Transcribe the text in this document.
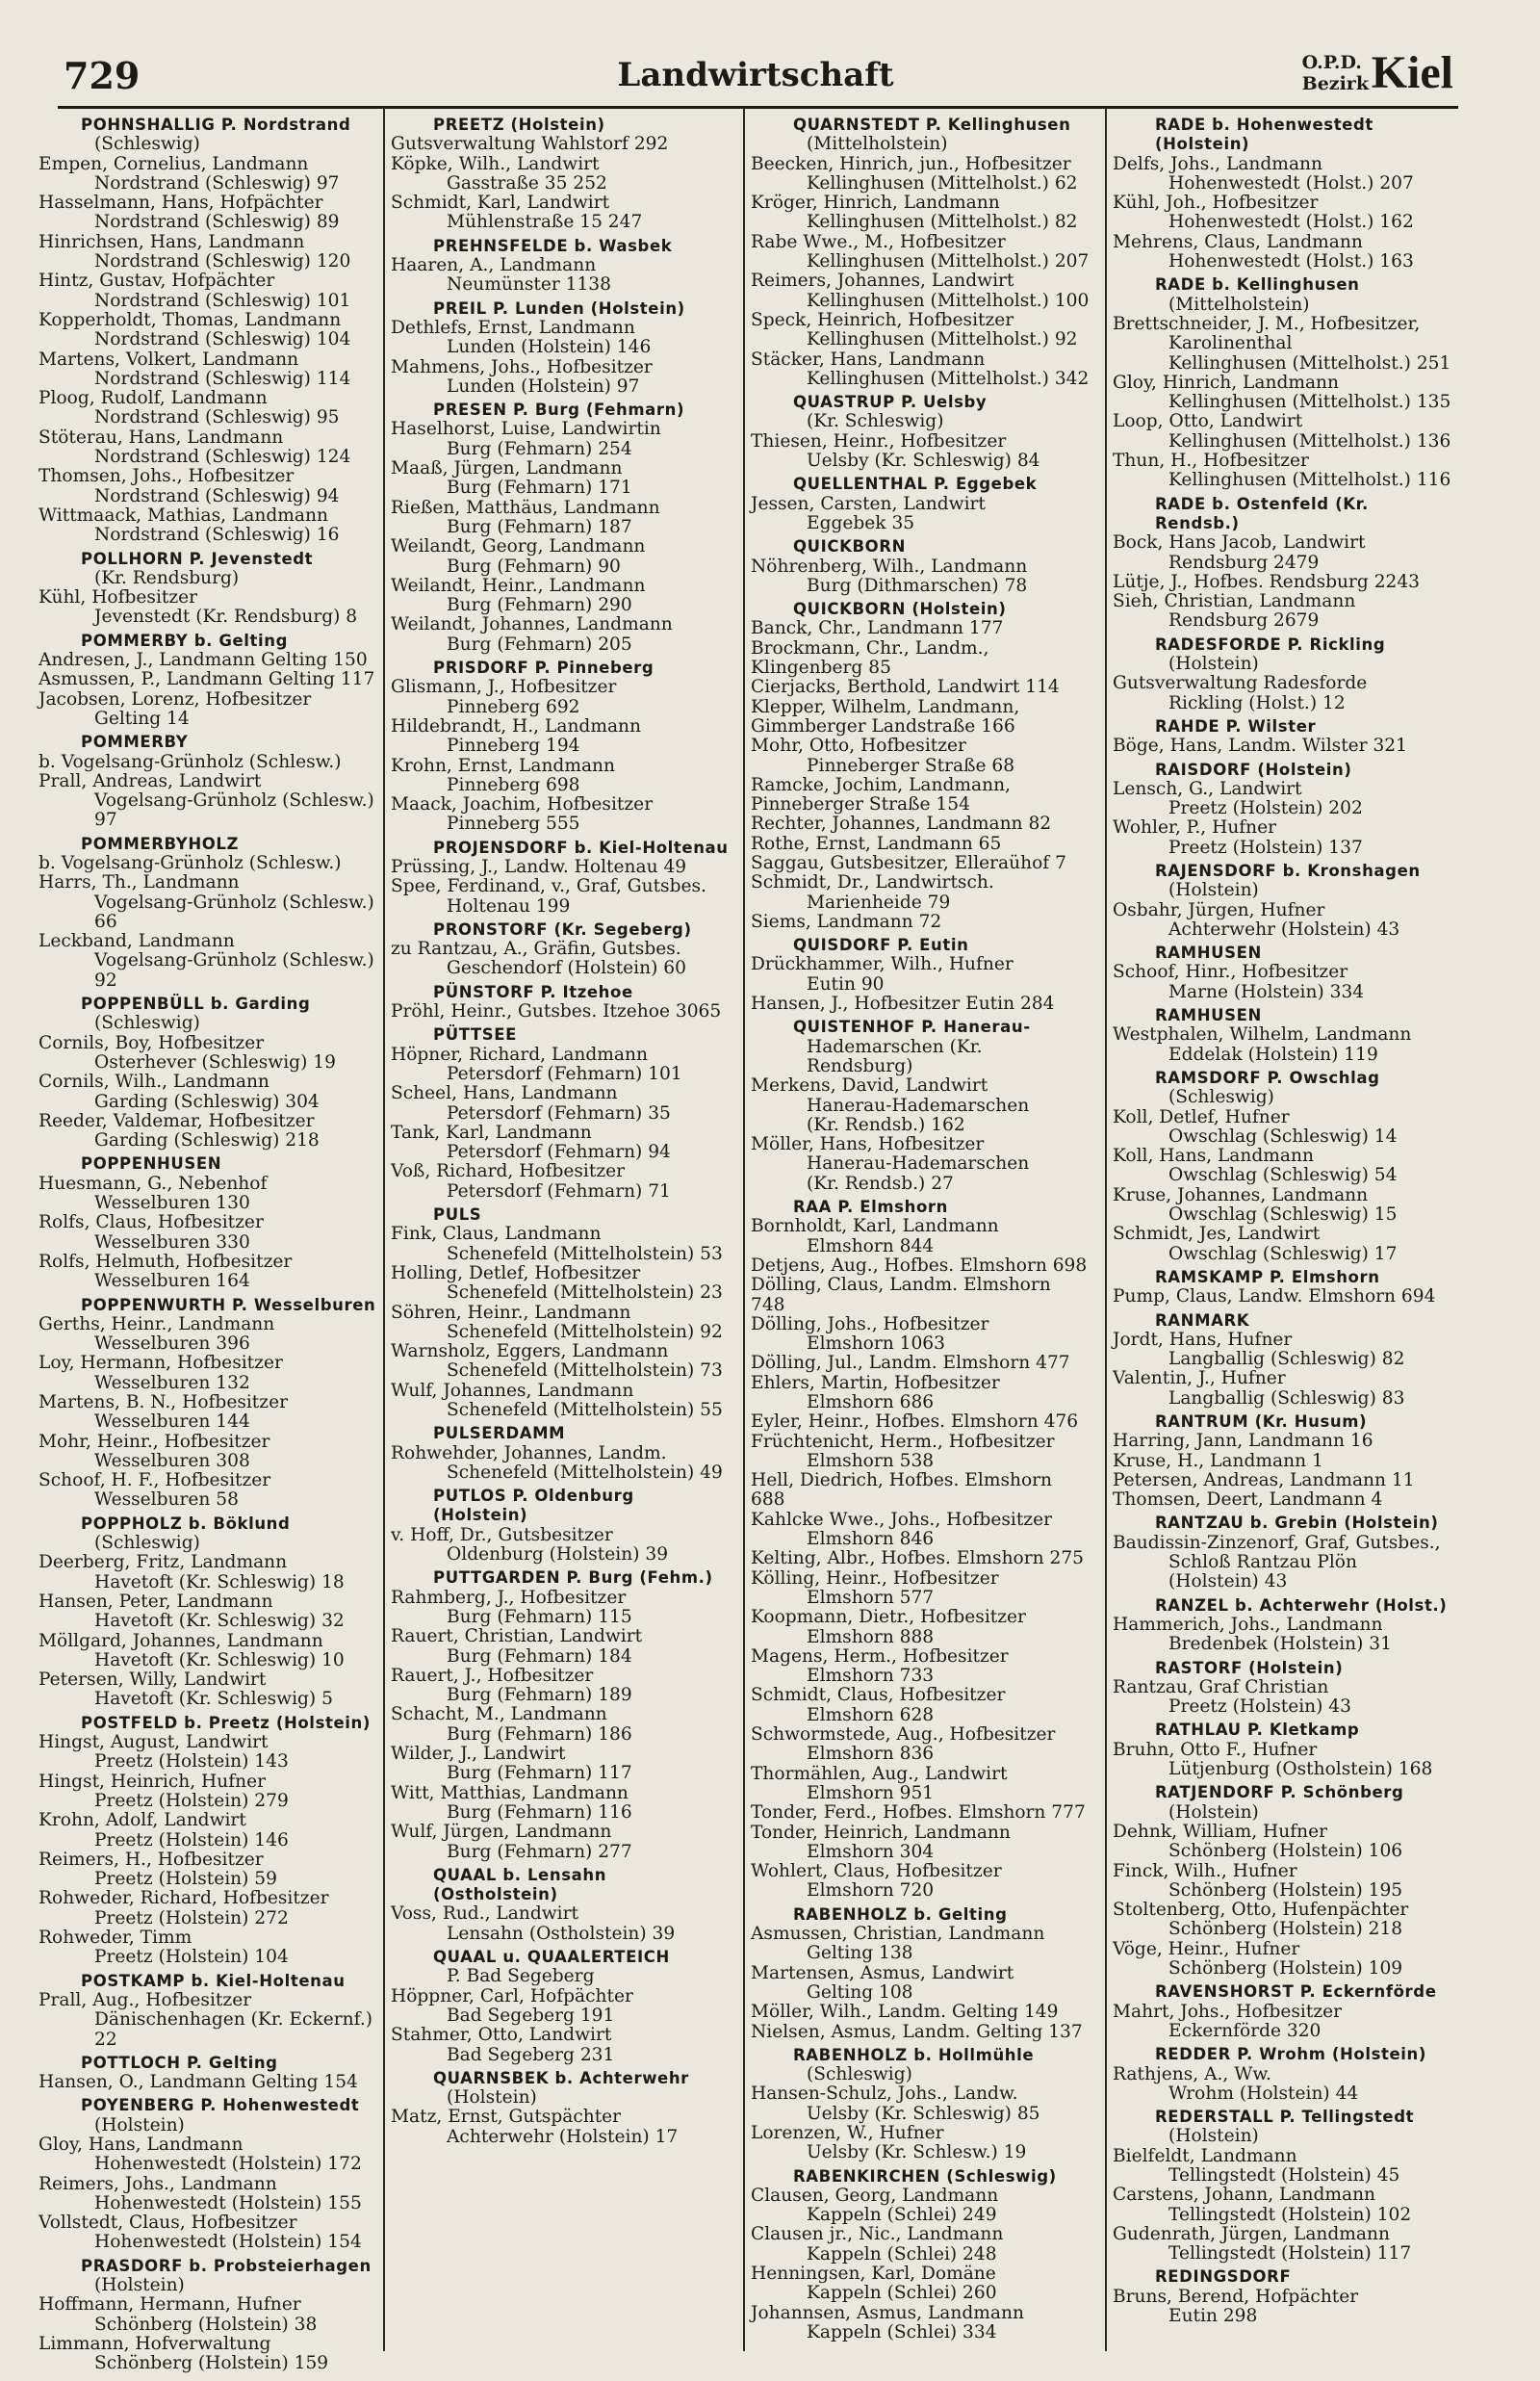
729	Landwirtschaft	O.P.D.
Bezirk Kiel
POHNSHALLIG P. Nordstrand
(Schleswig)
Empen, Cornelius, Landmann
Nordstrand (Schleswig) 97
Hasselmann, Hans, Hofpächter
Nordstrand (Schleswig) 89
Hinrichsen, Hans, Landmann
Nordstrand (Schleswig) 120
Hintz, Gustav, Hofpächter
Nordstrand (Schleswig) 101
Kopperholdt, Thomas, Landmann
Nordstrand (Schleswig) 104
Martens, Volkert, Landmann
Nordstrand (Schleswig) 114
Ploog, Rudolf, Landmann
Nordstrand (Schleswig) 95
Stöterau, Hans, Landmann
Nordstrand (Schleswig) 124
Thomsen, Johs., Hofbesitzer
Nordstrand (Schleswig) 94
Wittmaack, Mathias, Landmann
Nordstrand (Schleswig) 16
POLLHORN P. Jevenstedt
(Kr. Rendsburg)
Kühl, Hofbesitzer
Jevenstedt (Kr. Rendsburg) 8
POMMERBY b. Gelting
Andresen, J., Landmann Gelting 150
Asmussen, P., Landmann Gelting 117
Jacobsen, Lorenz, Hofbesitzer
Gelting 14
POMMERBY
b. Vogelsang-Grünholz (Schlesw.)
Prall, Andreas, Landwirt
Vogelsang-Grünholz (Schlesw.) 97
POMMERBYHOLZ
b. Vogelsang-Grünholz (Schlesw.)
Harrs, Th., Landmann
Vogelsang-Grünholz (Schlesw.) 66
Leckband, Landmann
Vogelsang-Grünholz (Schlesw.) 92
POPPENBÜLL b. Garding
(Schleswig)
Cornils, Boy, Hofbesitzer
Osterhever (Schleswig) 19
Cornils, Wilh., Landmann
Garding (Schleswig) 304
Reeder, Valdemar, Hofbesitzer
Garding (Schleswig) 218
POPPENHUSEN
Huesmann, G., Nebenhof
Wesselburen 130
Rolfs, Claus, Hofbesitzer
Wesselburen 330
Rolfs, Helmuth, Hofbesitzer
Wesselburen 164
POPPENWURTH P. Wesselburen
Gerths, Heinr., Landmann
Wesselburen 396
Loy, Hermann, Hofbesitzer
Wesselburen 132
Martens, B. N., Hofbesitzer
Wesselburen 144
Mohr, Heinr., Hofbesitzer
Wesselburen 308
Schoof, H. F., Hofbesitzer
Wesselburen 58
POPPHOLZ b. Böklund
(Schleswig)
Deerberg, Fritz, Landmann
Havetoft (Kr. Schleswig) 18
Hansen, Peter, Landmann
Havetoft (Kr. Schleswig) 32
Möllgard, Johannes, Landmann
Havetoft (Kr. Schleswig) 10
Petersen, Willy, Landwirt
Havetoft (Kr. Schleswig) 5
POSTFELD b. Preetz (Holstein)
Hingst, August, Landwirt
Preetz (Holstein) 143
Hingst, Heinrich, Hufner
Preetz (Holstein) 279
Krohn, Adolf, Landwirt
Preetz (Holstein) 146
Reimers, H., Hofbesitzer
Preetz (Holstein) 59
Rohweder, Richard, Hofbesitzer
Preetz (Holstein) 272
Rohweder, Timm
Preetz (Holstein) 104
POSTKAMP b. Kiel-Holtenau
Prall, Aug., Hofbesitzer
Dänischenhagen (Kr. Eckernf.) 22
POTTLOCH P. Gelting
Hansen, O., Landmann Gelting 154
POYENBERG P. Hohenwestedt
(Holstein)
Gloy, Hans, Landmann
Hohenwestedt (Holstein) 172
Reimers, Johs., Landmann
Hohenwestedt (Holstein) 155
Vollstedt, Claus, Hofbesitzer
Hohenwestedt (Holstein) 154
PRASDORF b. Probsteierhagen
(Holstein)
Hoffmann, Hermann, Hufner
Schönberg (Holstein) 38
Limmann, Hofverwaltung
Schönberg (Holstein) 159
PREETZ (Holstein)
Gutsverwaltung Wahlstorf 292
Köpke, Wilh., Landwirt
Gasstraße 35 252
Schmidt, Karl, Landwirt
Mühlenstraße 15 247
PREHNSFELDE b. Wasbek
Haaren, A., Landmann
Neumünster 1138
PREIL P. Lunden (Holstein)
Dethlefs, Ernst, Landmann
Lunden (Holstein) 146
Mahmens, Johs., Hofbesitzer
Lunden (Holstein) 97
PRESEN P. Burg (Fehmarn)
Haselhorst, Luise, Landwirtin
Burg (Fehmarn) 254
Maaß, Jürgen, Landmann
Burg (Fehmarn) 171
Rießen, Matthäus, Landmann
Burg (Fehmarn) 187
Weilandt, Georg, Landmann
Burg (Fehmarn) 90
Weilandt, Heinr., Landmann
Burg (Fehmarn) 290
Weilandt, Johannes, Landmann
Burg (Fehmarn) 205
PRISDORF P. Pinneberg
Glismann, J., Hofbesitzer
Pinneberg 692
Hildebrandt, H., Landmann
Pinneberg 194
Krohn, Ernst, Landmann
Pinneberg 698
Maack, Joachim, Hofbesitzer
Pinneberg 555
PROJENSDORF b. Kiel-Holtenau
Prüssing, J., Landw. Holtenau 49
Spee, Ferdinand, v., Graf, Gutsbes.
Holtenau 199
PRONSTORF (Kr. Segeberg)
zu Rantzau, A., Gräfin, Gutsbes.
Geschendorf (Holstein) 60
PÜNSTORF P. Itzehoe
Pröhl, Heinr., Gutsbes. Itzehoe 3065
PÜTTSEE
Höpner, Richard, Landmann
Petersdorf (Fehmarn) 101
Scheel, Hans, Landmann
Petersdorf (Fehmarn) 35
Tank, Karl, Landmann
Petersdorf (Fehmarn) 94
Voß, Richard, Hofbesitzer
Petersdorf (Fehmarn) 71
PULS
Fink, Claus, Landmann
Schenefeld (Mittelholstein) 53
Holling, Detlef, Hofbesitzer
Schenefeld (Mittelholstein) 23
Söhren, Heinr., Landmann
Schenefeld (Mittelholstein) 92
Warnsholz, Eggers, Landmann
Schenefeld (Mittelholstein) 73
Wulf, Johannes, Landmann
Schenefeld (Mittelholstein) 55
PULSERDAMM
Rohwehder, Johannes, Landm.
Schenefeld (Mittelholstein) 49
PUTLOS P. Oldenburg (Holstein)
v. Hoff, Dr., Gutsbesitzer
Oldenburg (Holstein) 39
PUTTGARDEN P. Burg (Fehm.)
Rahmberg, J., Hofbesitzer
Burg (Fehmarn) 115
Rauert, Christian, Landwirt
Burg (Fehmarn) 184
Rauert, J., Hofbesitzer
Burg (Fehmarn) 189
Schacht, M., Landmann
Burg (Fehmarn) 186
Wilder, J., Landwirt
Burg (Fehmarn) 117
Witt, Matthias, Landmann
Burg (Fehmarn) 116
Wulf, Jürgen, Landmann
Burg (Fehmarn) 277
QUAAL b. Lensahn (Ostholstein)
Voss, Rud., Landwirt
Lensahn (Ostholstein) 39
QUAAL u. QUAALERTEICH
P. Bad Segeberg
Höppner, Carl, Hofpächter
Bad Segeberg 191
Stahmer, Otto, Landwirt
Bad Segeberg 231
QUARNSBEK b. Achterwehr
(Holstein)
Matz, Ernst, Gutspächter
Achterwehr (Holstein) 17
QUARNSTEDT P. Kellinghusen
(Mittelholstein)
Beecken, Hinrich, jun., Hofbesitzer
Kellinghusen (Mittelholst.) 62
Kröger, Hinrich, Landmann
Kellinghusen (Mittelholst.) 82
Rabe Wwe., M., Hofbesitzer
Kellinghusen (Mittelholst.) 207
Reimers, Johannes, Landwirt
Kellinghusen (Mittelholst.) 100
Speck, Heinrich, Hofbesitzer
Kellinghusen (Mittelholst.) 92
Stäcker, Hans, Landmann
Kellinghusen (Mittelholst.) 342
QUASTRUP P. Uelsby
(Kr. Schleswig)
Thiesen, Heinr., Hofbesitzer
Uelsby (Kr. Schleswig) 84
QUELLENTHAL P. Eggebek
Jessen, Carsten, Landwirt
Eggebek 35
QUICKBORN
Nöhrenberg, Wilh., Landmann
Burg (Dithmarschen) 78
QUICKBORN (Holstein)
Banck, Chr., Landmann 177
Brockmann, Chr., Landm., Klingenberg 85
Cierjacks, Berthold, Landwirt 114
Klepper, Wilhelm, Landmann, Gimmberger Landstraße 166
Mohr, Otto, Hofbesitzer
Pinneberger Straße 68
Ramcke, Jochim, Landmann, Pinneberger Straße 154
Rechter, Johannes, Landmann 82
Rothe, Ernst, Landmann 65
Saggau, Gutsbesitzer, Elleraühof 7
Schmidt, Dr., Landwirtsch.
Marienheide 79
Siems, Landmann 72
QUISDORF P. Eutin
Drückhammer, Wilh., Hufner
Eutin 90
Hansen, J., Hofbesitzer Eutin 284
QUISTENHOF P. Hanerau-
Hademarschen (Kr. Rendsburg)
Merkens, David, Landwirt
Hanerau-Hademarschen
(Kr. Rendsb.) 162
Möller, Hans, Hofbesitzer
Hanerau-Hademarschen
(Kr. Rendsb.) 27
RAA P. Elmshorn
Bornholdt, Karl, Landmann
Elmshorn 844
Detjens, Aug., Hofbes. Elmshorn 698
Dölling, Claus, Landm. Elmshorn 748
Dölling, Johs., Hofbesitzer
Elmshorn 1063
Dölling, Jul., Landm. Elmshorn 477
Ehlers, Martin, Hofbesitzer
Elmshorn 686
Eyler, Heinr., Hofbes. Elmshorn 476
Früchtenicht, Herm., Hofbesitzer
Elmshorn 538
Hell, Diedrich, Hofbes. Elmshorn 688
Kahlcke Wwe., Johs., Hofbesitzer
Elmshorn 846
Kelting, Albr., Hofbes. Elmshorn 275
Kölling, Heinr., Hofbesitzer
Elmshorn 577
Koopmann, Dietr., Hofbesitzer
Elmshorn 888
Magens, Herm., Hofbesitzer
Elmshorn 733
Schmidt, Claus, Hofbesitzer
Elmshorn 628
Schwormstede, Aug., Hofbesitzer
Elmshorn 836
Thormählen, Aug., Landwirt
Elmshorn 951
Tonder, Ferd., Hofbes. Elmshorn 777
Tonder, Heinrich, Landmann
Elmshorn 304
Wohlert, Claus, Hofbesitzer
Elmshorn 720
RABENHOLZ b. Gelting
Asmussen, Christian, Landmann
Gelting 138
Martensen, Asmus, Landwirt
Gelting 108
Möller, Wilh., Landm. Gelting 149
Nielsen, Asmus, Landm. Gelting 137
RABENHOLZ b. Hollmühle
(Schleswig)
Hansen-Schulz, Johs., Landw.
Uelsby (Kr. Schleswig) 85
Lorenzen, W., Hufner
Uelsby (Kr. Schlesw.) 19
RABENKIRCHEN (Schleswig)
Clausen, Georg, Landmann
Kappeln (Schlei) 249
Clausen jr., Nic., Landmann
Kappeln (Schlei) 248
Henningsen, Karl, Domäne
Kappeln (Schlei) 260
Johannsen, Asmus, Landmann
Kappeln (Schlei) 334
RADE b. Hohenwestedt (Holstein)
Delfs, Johs., Landmann
Hohenwestedt (Holst.) 207
Kühl, Joh., Hofbesitzer
Hohenwestedt (Holst.) 162
Mehrens, Claus, Landmann
Hohenwestedt (Holst.) 163
RADE b. Kellinghusen
(Mittelholstein)
Brettschneider, J. M., Hofbesitzer,
Karolinenthal
Kellinghusen (Mittelholst.) 251
Gloy, Hinrich, Landmann
Kellinghusen (Mittelholst.) 135
Loop, Otto, Landwirt
Kellinghusen (Mittelholst.) 136
Thun, H., Hofbesitzer
Kellinghusen (Mittelholst.) 116
RADE b. Ostenfeld (Kr. Rendsb.)
Bock, Hans Jacob, Landwirt
Rendsburg 2479
Lütje, J., Hofbes. Rendsburg 2243
Sieh, Christian, Landmann
Rendsburg 2679
RADESFORDE P. Rickling
(Holstein)
Gutsverwaltung Radesforde
Rickling (Holst.) 12
RAHDE P. Wilster
Böge, Hans, Landm. Wilster 321
RAISDORF (Holstein)
Lensch, G., Landwirt
Preetz (Holstein) 202
Wohler, P., Hufner
Preetz (Holstein) 137
RAJENSDORF b. Kronshagen
(Holstein)
Osbahr, Jürgen, Hufner
Achterwehr (Holstein) 43
RAMHUSEN
Schoof, Hinr., Hofbesitzer
Marne (Holstein) 334
RAMHUSEN
Westphalen, Wilhelm, Landmann
Eddelak (Holstein) 119
RAMSDORF P. Owschlag
(Schleswig)
Koll, Detlef, Hufner
Owschlag (Schleswig) 14
Koll, Hans, Landmann
Owschlag (Schleswig) 54
Kruse, Johannes, Landmann
Owschlag (Schleswig) 15
Schmidt, Jes, Landwirt
Owschlag (Schleswig) 17
RAMSKAMP P. Elmshorn
Pump, Claus, Landw. Elmshorn 694
RANMARK
Jordt, Hans, Hufner
Langballig (Schleswig) 82
Valentin, J., Hufner
Langballig (Schleswig) 83
RANTRUM (Kr. Husum)
Harring, Jann, Landmann 16
Kruse, H., Landmann 1
Petersen, Andreas, Landmann 11
Thomsen, Deert, Landmann 4
RANTZAU b. Grebin (Holstein)
Baudissin-Zinzenorf, Graf, Gutsbes.,
Schloß Rantzau Plön (Holstein) 43
RANZEL b. Achterwehr (Holst.)
Hammerich, Johs., Landmann
Bredenbek (Holstein) 31
RASTORF (Holstein)
Rantzau, Graf Christian
Preetz (Holstein) 43
RATHLAU P. Kletkamp
Bruhn, Otto F., Hufner
Lütjenburg (Ostholstein) 168
RATJENDORF P. Schönberg
(Holstein)
Dehnk, William, Hufner
Schönberg (Holstein) 106
Finck, Wilh., Hufner
Schönberg (Holstein) 195
Stoltenberg, Otto, Hufenpächter
Schönberg (Holstein) 218
Vöge, Heinr., Hufner
Schönberg (Holstein) 109
RAVENSHORST P. Eckernförde
Mahrt, Johs., Hofbesitzer
Eckernförde 320
REDDER P. Wrohm (Holstein)
Rathjens, A., Ww.
Wrohm (Holstein) 44
REDERSTALL P. Tellingstedt
(Holstein)
Bielfeldt, Landmann
Tellingstedt (Holstein) 45
Carstens, Johann, Landmann
Tellingstedt (Holstein) 102
Gudenrath, Jürgen, Landmann
Tellingstedt (Holstein) 117
REDINGSDORF
Bruns, Berend, Hofpächter
Eutin 298
